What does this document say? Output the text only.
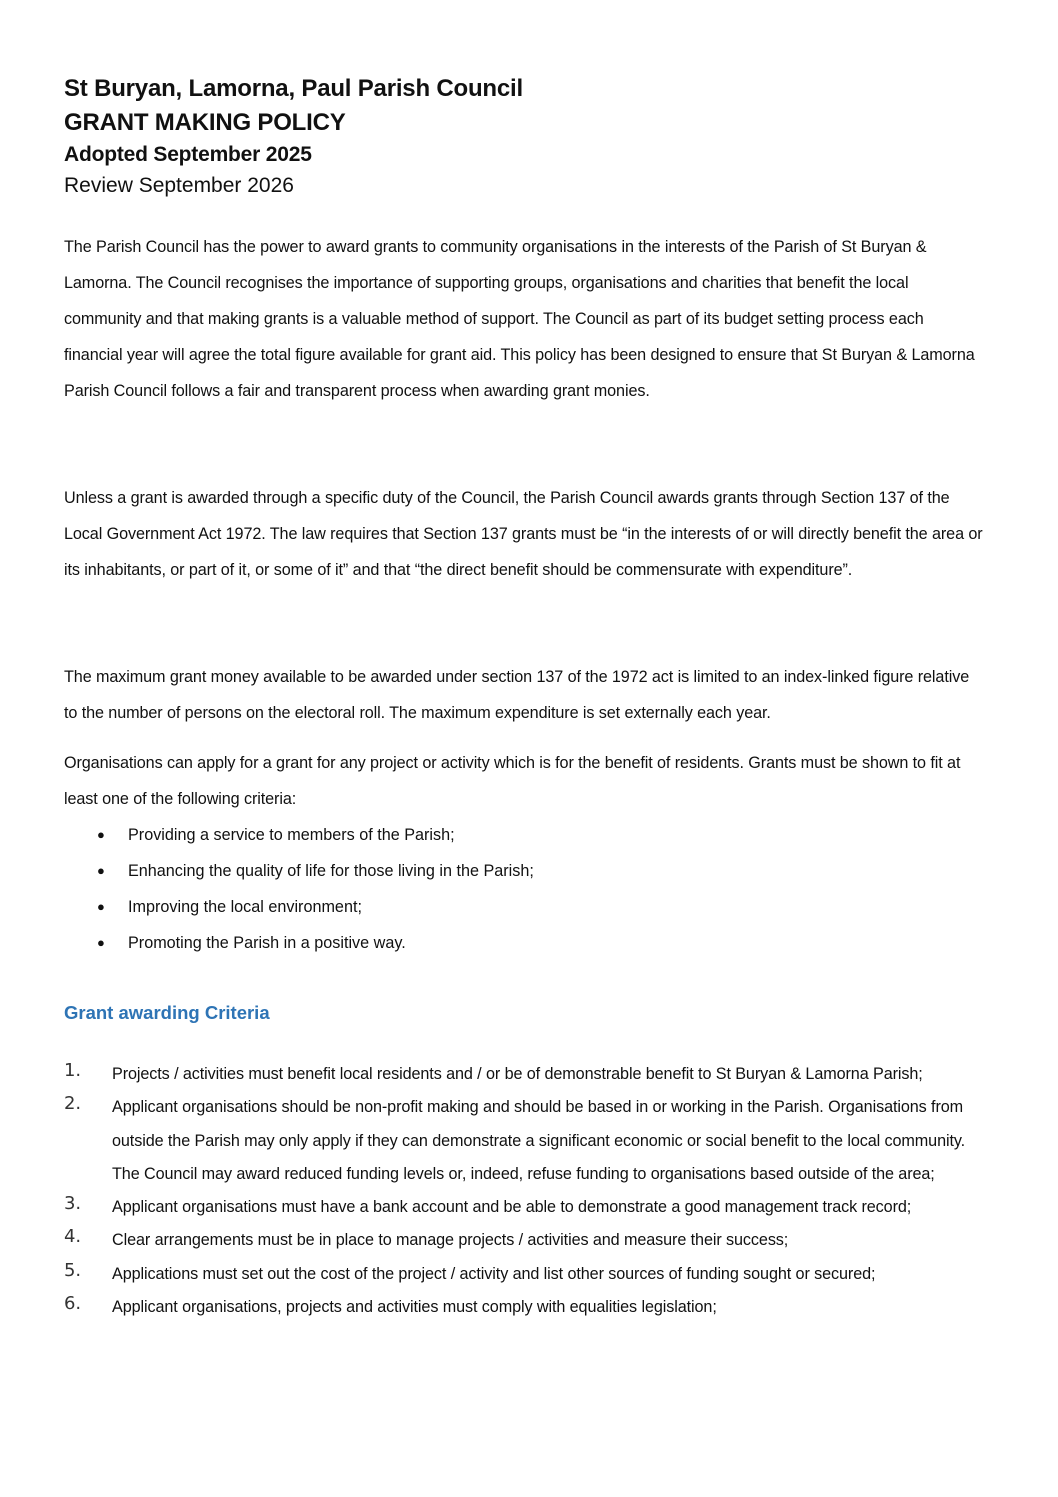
St Buryan, Lamorna, Paul Parish Council

GRANT MAKING POLICY

Adopted September 2025

Review September 2026

The Parish Council has the power to award grants to community organisations in the interests of the Parish of St Buryan & Lamorna. The Council recognises the importance of supporting groups, organisations and charities that benefit the local community and that making grants is a valuable method of support. The Council as part of its budget setting process each financial year will agree the total figure available for grant aid. This policy has been designed to ensure that St Buryan & Lamorna Parish Council follows a fair and transparent process when awarding grant monies.

Unless a grant is awarded through a specific duty of the Council, the Parish Council awards grants through Section 137 of the Local Government Act 1972. The law requires that Section 137 grants must be “in the interests of or will directly benefit the area or its inhabitants, or part of it, or some of it” and that “the direct benefit should be commensurate with expenditure”.

The maximum grant money available to be awarded under section 137 of the 1972 act is limited to an index-linked figure relative to the number of persons on the electoral roll. The maximum expenditure is set externally each year.

Organisations can apply for a grant for any project or activity which is for the benefit of residents. Grants must be shown to fit at least one of the following criteria:

● Providing a service to members of the Parish;
● Enhancing the quality of life for those living in the Parish;
● Improving the local environment;
● Promoting the Parish in a positive way.
Grant awarding Criteria
1. Projects / activities must benefit local residents and / or be of demonstrable benefit to St Buryan & Lamorna Parish;
2. Applicant organisations should be non-profit making and should be based in or working in the Parish. Organisations from outside the Parish may only apply if they can demonstrate a significant economic or social benefit to the local community. The Council may award reduced funding levels or, indeed, refuse funding to organisations based outside of the area;
3. Applicant organisations must have a bank account and be able to demonstrate a good management track record;
4. Clear arrangements must be in place to manage projects / activities and measure their success;
5. Applications must set out the cost of the project / activity and list other sources of funding sought or secured;
6. Applicant organisations, projects and activities must comply with equalities legislation;
